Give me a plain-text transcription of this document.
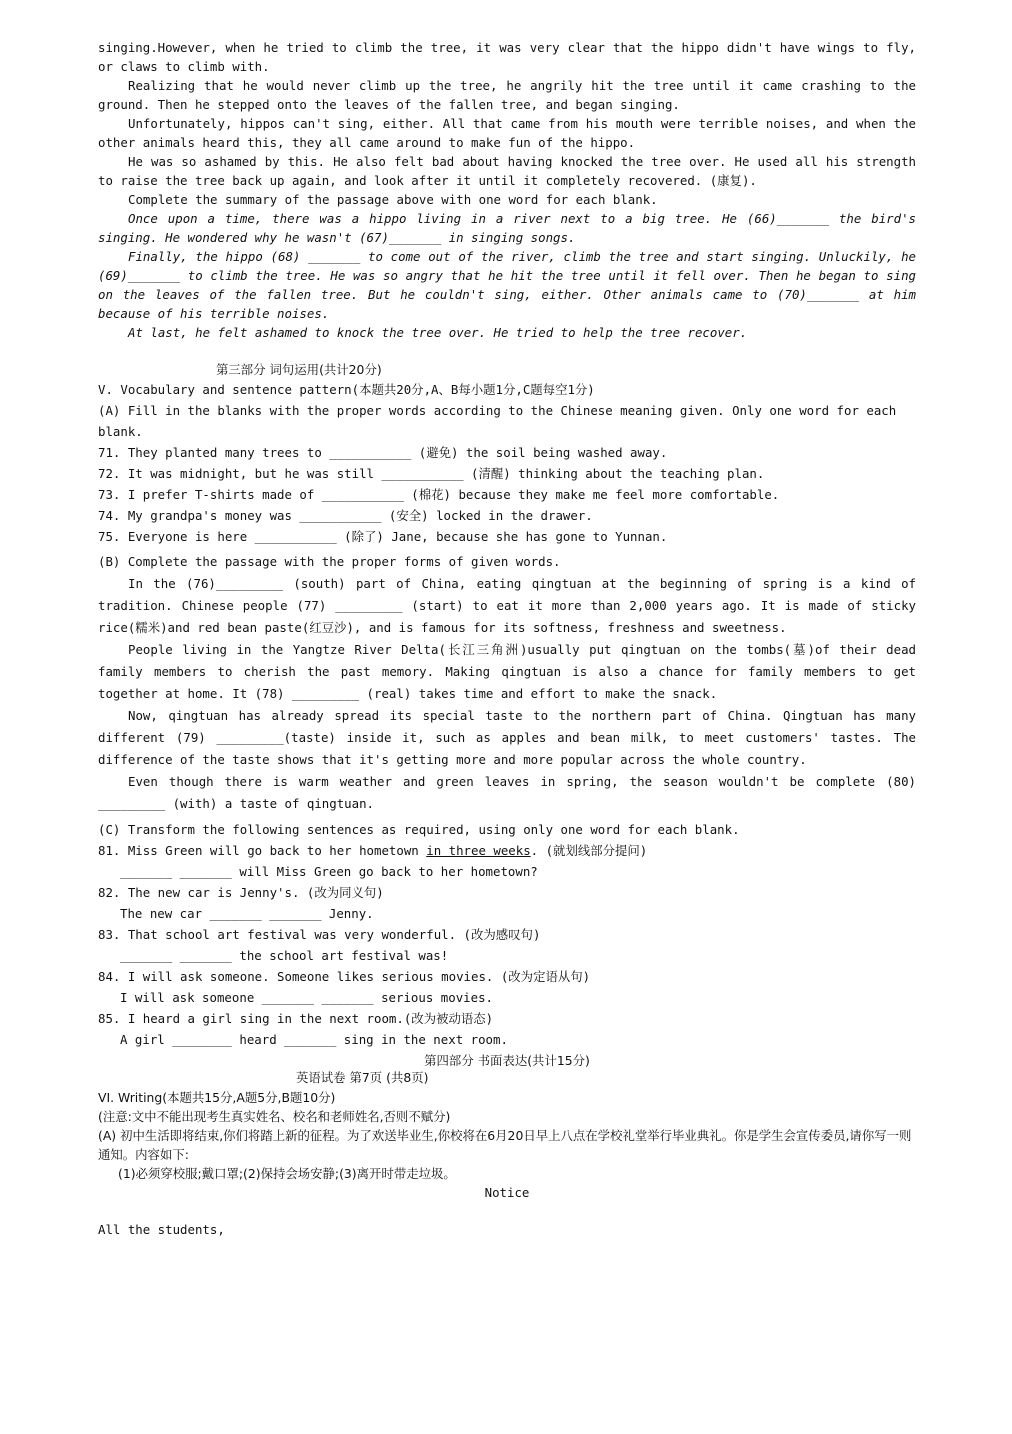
singing.However, when he tried to climb the tree, it was very clear that the hippo didn't have wings to fly, or claws to climb with.

Realizing that he would never climb up the tree, he angrily hit the tree until it came crashing to the ground. Then he stepped onto the leaves of the fallen tree, and began singing.

Unfortunately, hippos can't sing, either. All that came from his mouth were terrible noises, and when the other animals heard this, they all came around to make fun of the hippo.

He was so ashamed by this. He also felt bad about having knocked the tree over. He used all his strength to raise the tree back up again, and look after it until it completely recovered. (康复).

Complete the summary of the passage above with one word for each blank.

Once upon a time, there was a hippo living in a river next to a big tree. He (66)_______ the bird's singing. He wondered why he wasn't (67)_______ in singing songs.

Finally, the hippo (68) _______ to come out of the river, climb the tree and start singing. Unluckily, he (69)_______ to climb the tree. He was so angry that he hit the tree until it fell over. Then he began to sing on the leaves of the fallen tree. But he couldn't sing, either. Other animals came to (70)_______ at him because of his terrible noises.

At last, he felt ashamed to knock the tree over. He tried to help the tree recover.

第三部分 词句运用(共计20分)

V. Vocabulary and sentence pattern(本题共20分,A、B每小题1分,C题每空1分)

(A) Fill in the blanks with the proper words according to the Chinese meaning given. Only one word for each blank.

71. They planted many trees to ___________ (避免) the soil being washed away.

72. It was midnight, but he was still ___________ (清醒) thinking about the teaching plan.

73. I prefer T-shirts made of ___________ (棉花) because they make me feel more comfortable.

74. My grandpa's money was ___________ (安全) locked in the drawer.

75. Everyone is here ___________ (除了) Jane, because she has gone to Yunnan.

(B) Complete the passage with the proper forms of given words.

In the (76)_________ (south) part of China, eating qingtuan at the beginning of spring is a kind of tradition. Chinese people (77) _________ (start) to eat it more than 2,000 years ago. It is made of sticky rice(糯米)and red bean paste(红豆沙), and is famous for its softness, freshness and sweetness.

People living in the Yangtze River Delta(长江三角洲)usually put qingtuan on the tombs(墓)of their dead family members to cherish the past memory. Making qingtuan is also a chance for family members to get together at home. It (78) _________ (real) takes time and effort to make the snack.

Now, qingtuan has already spread its special taste to the northern part of China. Qingtuan has many different (79) _________(taste) inside it, such as apples and bean milk, to meet customers' tastes. The difference of the taste shows that it's getting more and more popular across the whole country.

Even though there is warm weather and green leaves in spring, the season wouldn't be complete (80) _________ (with) a taste of qingtuan.

(C) Transform the following sentences as required, using only one word for each blank.

81. Miss Green will go back to her hometown in three weeks. (就划线部分提问)

_______ _______ will Miss Green go back to her hometown?

82. The new car is Jenny's. (改为同义句)

The new car _______ _______ Jenny.

83. That school art festival was very wonderful. (改为感叹句)

_______ _______ the school art festival was!

84. I will ask someone. Someone likes serious movies. (改为定语从句)

I will ask someone _______ _______ serious movies.

85. I heard a girl sing in the next room.(改为被动语态)

A girl ________ heard _______ sing in the next room.

第四部分 书面表达(共计15分)

英语试卷 第7页 (共8页)

VI. Writing(本题共15分,A题5分,B题10分)

(注意:文中不能出现考生真实姓名、校名和老师姓名,否则不赋分)

(A) 初中生活即将结束,你们将踏上新的征程。为了欢送毕业生,你校将在6月20日早上八点在学校礼堂举行毕业典礼。你是学生会宣传委员,请你写一则通知。内容如下:

(1)必须穿校服;戴口罩;(2)保持会场安静;(3)离开时带走垃圾。

Notice

All the students,
